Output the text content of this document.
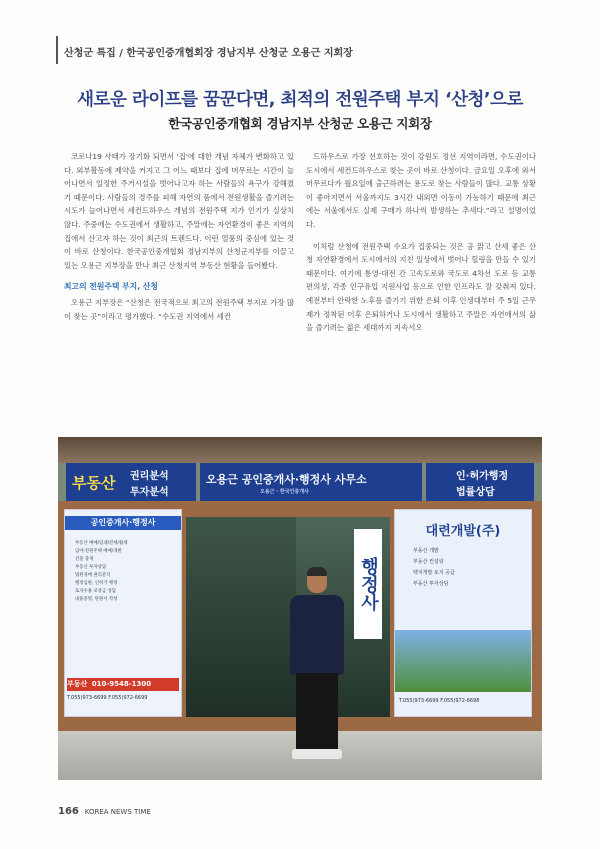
산청군 특집 / 한국공인중개협회장 경남지부 산청군 오용근 지회장
새로운 라이프를 꿈꾼다면, 최적의 전원주택 부지 ‘산청’으로
한국공인중개협회 경남지부 산청군 오용근 지회장

코로나19 사태가 장기화 되면서 '집'에 대한 개념 자체가 변화하고 있다. 외부활동에 제약을 커지고 그 어느 때보다 집에 머무르는 시간이 늘어나면서 일정한 주거시설을 벗어나고자 하는 사람들의 욕구가 강해졌기 때문이다. 사람들의 경주를 피해 자연의 품에서 전원생활을 즐기려는 시도가 늘어나면서 세컨드하우스 개념의 전원주택 지가 인기가 실상치 않다. 주중에는 수도권에서 생활하고, 주말에는 자연환경이 좋은 지역의 집에서 산고자 하는 것이 최근의 트렌드다. 이런 열풍의 중심에 있는 것이 바로 산청이다. 한국공인중개협회 경남지부의 산청군지부를 이끌고 있는 오용근 지부장을 만나 최근 산청지역 부동산 현황을 들어봤다.

최고의 전원주택 부지, 산청

오용근 지부장은 “산청은 전국적으로 최고의 전원주택 부지로 가장 많이 찾는 곳”이라고 평가했다. “수도권 지역에서 세컨

드하우스로 가장 선호하는 것이 강원도 정선 지역이라면, 수도권이나 도시에서 세컨드하우스로 찾는 곳이 바로 산청이다. 금요일 오후에 와서 머무르다가 월요일에 출근하려는 용도로 찾는 사람들이 많다. 교통 상황이 좋아지면서 서울까지도 3시간 내외면 이동이 가능하기 때문에 최근에는 서울에서도 실제 구매가 하나씩 발생하는 추세다.”라고 설명이었다.

이처럼 산청에 전원주택 수요가 집중되는 것은 공 맑고 산세 좋은 산청 자연환경에서 도시에서의 지친 일상에서 벗어나 힐링을 만들 수 있기 때문이다. 여기에 통영-대전 간 고속도로와 국도로 4차선 도로 등 교통 편의성, 각종 인구유입 지원사업 등으로 인한 인프라도 잘 갖춰져 있다. 예전부터 안락한 노후를 즐기기 위한 은퇴 이후 인생대부터 주 5일 근무제가 정착된 이후 은퇴하거나 도시에서 생활하고 주말은 자연에서의 삶을 즐기려는 젊은 세대까지 지속서오

부동산 권리분석
투자분석
오용근 공인중개사·행정사 사무소
오용근 · 한국인중개사
인·허가행정
법률상담
공인중개사·행정사
부동산 매매/임대/전세/월세
임야·전원주택 매매/개발
건물 중개
부동산 투자상담
법원경매 권리분석
행정심판, 인허가 행정
토지수용 보상금 상담
내용증명, 탄원서 작성
부동산 010-9548-1300
T.055)973-6699 F.055)972-6699
행정사
대련개발(주)
부동산 개발
부동산 컨설팅
택지개발 토지 공급
부동산 투자상담
T.055)973-6699 F.055)972-6698
166 KOREA NEWS TIME
